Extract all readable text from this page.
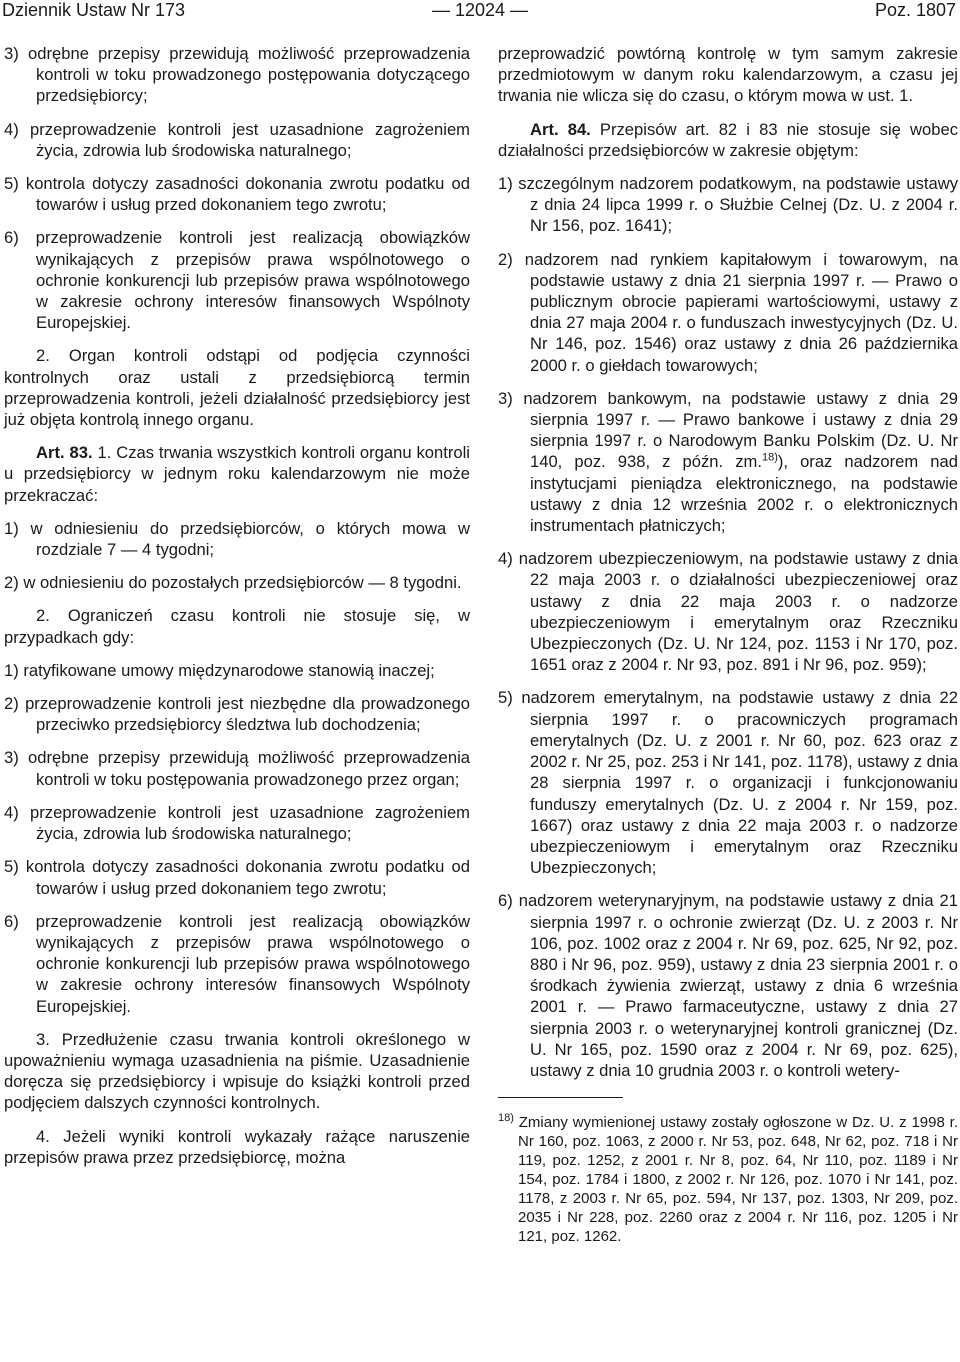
Dziennik Ustaw Nr 173	— 12024 —	Poz. 1807

3) odrębne przepisy przewidują możliwość przeprowadzenia kontroli w toku prowadzonego postępowania dotyczącego przedsiębiorcy;

4) przeprowadzenie kontroli jest uzasadnione zagrożeniem życia, zdrowia lub środowiska naturalnego;

5) kontrola dotyczy zasadności dokonania zwrotu podatku od towarów i usług przed dokonaniem tego zwrotu;

6) przeprowadzenie kontroli jest realizacją obowiązków wynikających z przepisów prawa wspólnotowego o ochronie konkurencji lub przepisów prawa wspólnotowego w zakresie ochrony interesów finansowych Wspólnoty Europejskiej.

2. Organ kontroli odstąpi od podjęcia czynności kontrolnych oraz ustali z przedsiębiorcą termin przeprowadzenia kontroli, jeżeli działalność przedsiębiorcy jest już objęta kontrolą innego organu.

Art. 83. 1. Czas trwania wszystkich kontroli organu kontroli u przedsiębiorcy w jednym roku kalendarzowym nie może przekraczać:

1) w odniesieniu do przedsiębiorców, o których mowa w rozdziale 7 — 4 tygodni;

2) w odniesieniu do pozostałych przedsiębiorców — 8 tygodni.

2. Ograniczeń czasu kontroli nie stosuje się, w przypadkach gdy:

1) ratyfikowane umowy międzynarodowe stanowią inaczej;

2) przeprowadzenie kontroli jest niezbędne dla prowadzonego przeciwko przedsiębiorcy śledztwa lub dochodzenia;

3) odrębne przepisy przewidują możliwość przeprowadzenia kontroli w toku postępowania prowadzonego przez organ;

4) przeprowadzenie kontroli jest uzasadnione zagrożeniem życia, zdrowia lub środowiska naturalnego;

5) kontrola dotyczy zasadności dokonania zwrotu podatku od towarów i usług przed dokonaniem tego zwrotu;

6) przeprowadzenie kontroli jest realizacją obowiązków wynikających z przepisów prawa wspólnotowego o ochronie konkurencji lub przepisów prawa wspólnotowego w zakresie ochrony interesów finansowych Wspólnoty Europejskiej.

3. Przedłużenie czasu trwania kontroli określonego w upoważnieniu wymaga uzasadnienia na piśmie. Uzasadnienie doręcza się przedsiębiorcy i wpisuje do książki kontroli przed podjęciem dalszych czynności kontrolnych.

4. Jeżeli wyniki kontroli wykazały rażące naruszenie przepisów prawa przez przedsiębiorcę, można

przeprowadzić powtórną kontrolę w tym samym zakresie przedmiotowym w danym roku kalendarzowym, a czasu jej trwania nie wlicza się do czasu, o którym mowa w ust. 1.

Art. 84. Przepisów art. 82 i 83 nie stosuje się wobec działalności przedsiębiorców w zakresie objętym:

1) szczególnym nadzorem podatkowym, na podstawie ustawy z dnia 24 lipca 1999 r. o Służbie Celnej (Dz. U. z 2004 r. Nr 156, poz. 1641);

2) nadzorem nad rynkiem kapitałowym i towarowym, na podstawie ustawy z dnia 21 sierpnia 1997 r. — Prawo o publicznym obrocie papierami wartościowymi, ustawy z dnia 27 maja 2004 r. o funduszach inwestycyjnych (Dz. U. Nr 146, poz. 1546) oraz ustawy z dnia 26 października 2000 r. o giełdach towarowych;

3) nadzorem bankowym, na podstawie ustawy z dnia 29 sierpnia 1997 r. — Prawo bankowe i ustawy z dnia 29 sierpnia 1997 r. o Narodowym Banku Polskim (Dz. U. Nr 140, poz. 938, z późn. zm.$^{18)}$), oraz nadzorem nad instytucjami pieniądza elektronicznego, na podstawie ustawy z dnia 12 września 2002 r. o elektronicznych instrumentach płatniczych;

4) nadzorem ubezpieczeniowym, na podstawie ustawy z dnia 22 maja 2003 r. o działalności ubezpieczeniowej oraz ustawy z dnia 22 maja 2003 r. o nadzorze ubezpieczeniowym i emerytalnym oraz Rzeczniku Ubezpieczonych (Dz. U. Nr 124, poz. 1153 i Nr 170, poz. 1651 oraz z 2004 r. Nr 93, poz. 891 i Nr 96, poz. 959);

5) nadzorem emerytalnym, na podstawie ustawy z dnia 22 sierpnia 1997 r. o pracowniczych programach emerytalnych (Dz. U. z 2001 r. Nr 60, poz. 623 oraz z 2002 r. Nr 25, poz. 253 i Nr 141, poz. 1178), ustawy z dnia 28 sierpnia 1997 r. o organizacji i funkcjonowaniu funduszy emerytalnych (Dz. U. z 2004 r. Nr 159, poz. 1667) oraz ustawy z dnia 22 maja 2003 r. o nadzorze ubezpieczeniowym i emerytalnym oraz Rzeczniku Ubezpieczonych;

6) nadzorem weterynaryjnym, na podstawie ustawy z dnia 21 sierpnia 1997 r. o ochronie zwierząt (Dz. U. z 2003 r. Nr 106, poz. 1002 oraz z 2004 r. Nr 69, poz. 625, Nr 92, poz. 880 i Nr 96, poz. 959), ustawy z dnia 23 sierpnia 2001 r. o środkach żywienia zwierząt, ustawy z dnia 6 września 2001 r. — Prawo farmaceutyczne, ustawy z dnia 27 sierpnia 2003 r. o weterynaryjnej kontroli granicznej (Dz. U. Nr 165, poz. 1590 oraz z 2004 r. Nr 69, poz. 625), ustawy z dnia 10 grudnia 2003 r. o kontroli wetery-

$^{18)}$ Zmiany wymienionej ustawy zostały ogłoszone w Dz. U. z 1998 r. Nr 160, poz. 1063, z 2000 r. Nr 53, poz. 648, Nr 62, poz. 718 i Nr 119, poz. 1252, z 2001 r. Nr 8, poz. 64, Nr 110, poz. 1189 i Nr 154, poz. 1784 i 1800, z 2002 r. Nr 126, poz. 1070 i Nr 141, poz. 1178, z 2003 r. Nr 65, poz. 594, Nr 137, poz. 1303, Nr 209, poz. 2035 i Nr 228, poz. 2260 oraz z 2004 r. Nr 116, poz. 1205 i Nr 121, poz. 1262.
